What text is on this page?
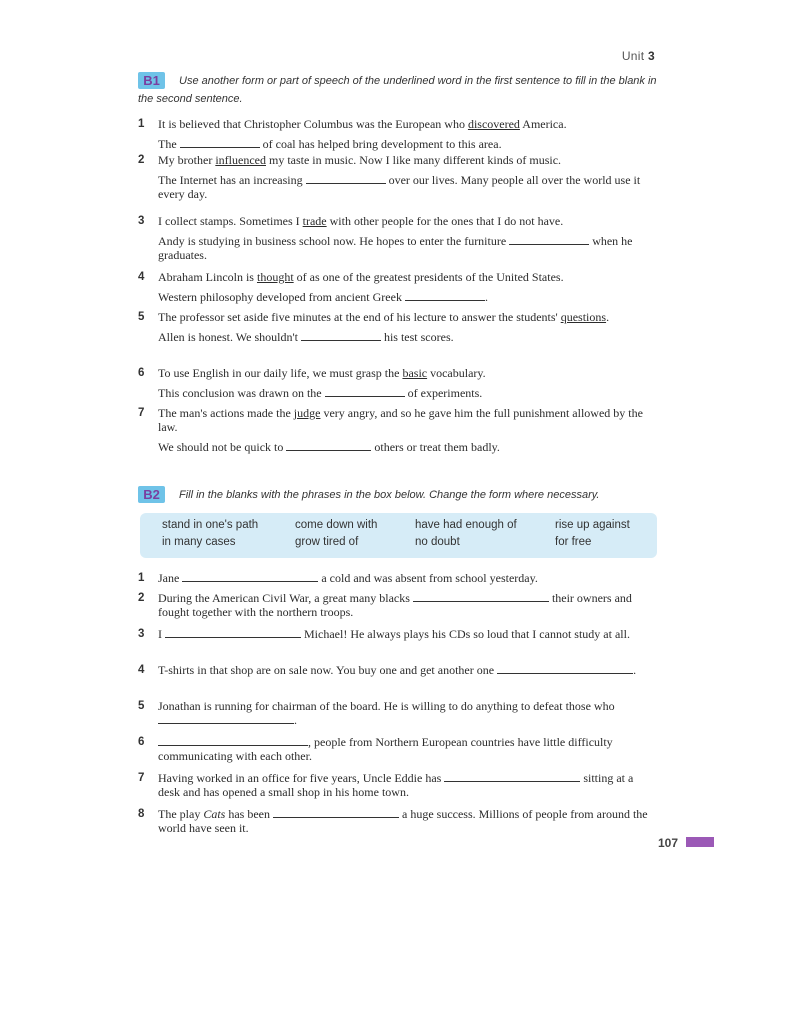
Unit 3
B1 Use another form or part of speech of the underlined word in the first sentence to fill in the blank in the second sentence.
1 It is believed that Christopher Columbus was the European who discovered America.

The	of coal has helped bring development to this area.

2 My brother influenced my taste in music. Now I like many different kinds of music.

The Internet has an increasing	over our lives. Many people all over the world use it every day.

3 I collect stamps. Sometimes I trade with other people for the ones that I do not have.

Andy is studying in business school now. He hopes to enter the furniture	when he graduates.

4 Abraham Lincoln is thought of as one of the greatest presidents of the United States.

Western philosophy developed from ancient Greek	.

5 The professor set aside five minutes at the end of his lecture to answer the students' questions.

Allen is honest. We shouldn't	his test scores.

6 To use English in our daily life, we must grasp the basic vocabulary.

This conclusion was drawn on the	of experiments.

7 The man's actions made the judge very angry, and so he gave him the full punishment allowed by the law.

We should not be quick to	others or treat them badly.

B2 Fill in the blanks with the phrases in the box below. Change the form where necessary.
stand in one's path	come down with	have had enough of	rise up against
in many cases	grow tired of	no doubt	for free
1 Jane	a cold and was absent from school yesterday.

2 During the American Civil War, a great many blacks	their owners and fought together with the northern troops.

3 I	Michael! He always plays his CDs so loud that I cannot study at all.

4 T-shirts in that shop are on sale now. You buy one and get another one	.

5 Jonathan is running for chairman of the board. He is willing to do anything to defeat those who .

6	, people from Northern European countries have little difficulty communicating with each other.

7 Having worked in an office for five years, Uncle Eddie has	sitting at a desk and has opened a small shop in his home town.

8 The play Cats has been	a huge success. Millions of people from around the world have seen it.

107
